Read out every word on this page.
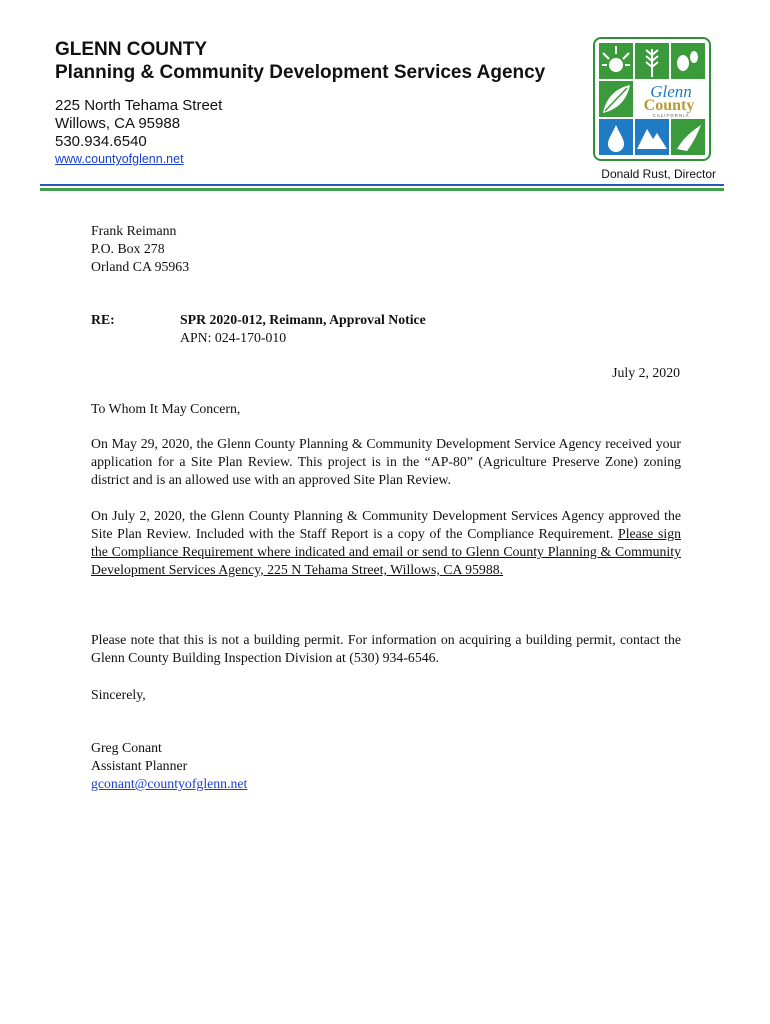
GLENN COUNTY
Planning & Community Development Services Agency
225 North Tehama Street
Willows, CA 95988
530.934.6540
www.countyofglenn.net
Glenn
County
CALIFORNIA
Donald Rust, Director
Frank Reimann
P.O. Box 278
Orland CA 95963
RE:	SPR 2020-012, Reimann, Approval Notice
APN: 024-170-010
July 2, 2020
To Whom It May Concern,
On May 29, 2020, the Glenn County Planning & Community Development Service Agency received your application for a Site Plan Review. This project is in the “AP-80” (Agriculture Preserve Zone) zoning district and is an allowed use with an approved Site Plan Review.
On July 2, 2020, the Glenn County Planning & Community Development Services Agency approved the Site Plan Review. Included with the Staff Report is a copy of the Compliance Requirement. Please sign the Compliance Requirement where indicated and email or send to Glenn County Planning & Community Development Services Agency, 225 N Tehama Street, Willows, CA 95988.
Please note that this is not a building permit. For information on acquiring a building permit, contact the Glenn County Building Inspection Division at (530) 934-6546.
Sincerely,
Greg Conant
Assistant Planner
gconant@countyofglenn.net
